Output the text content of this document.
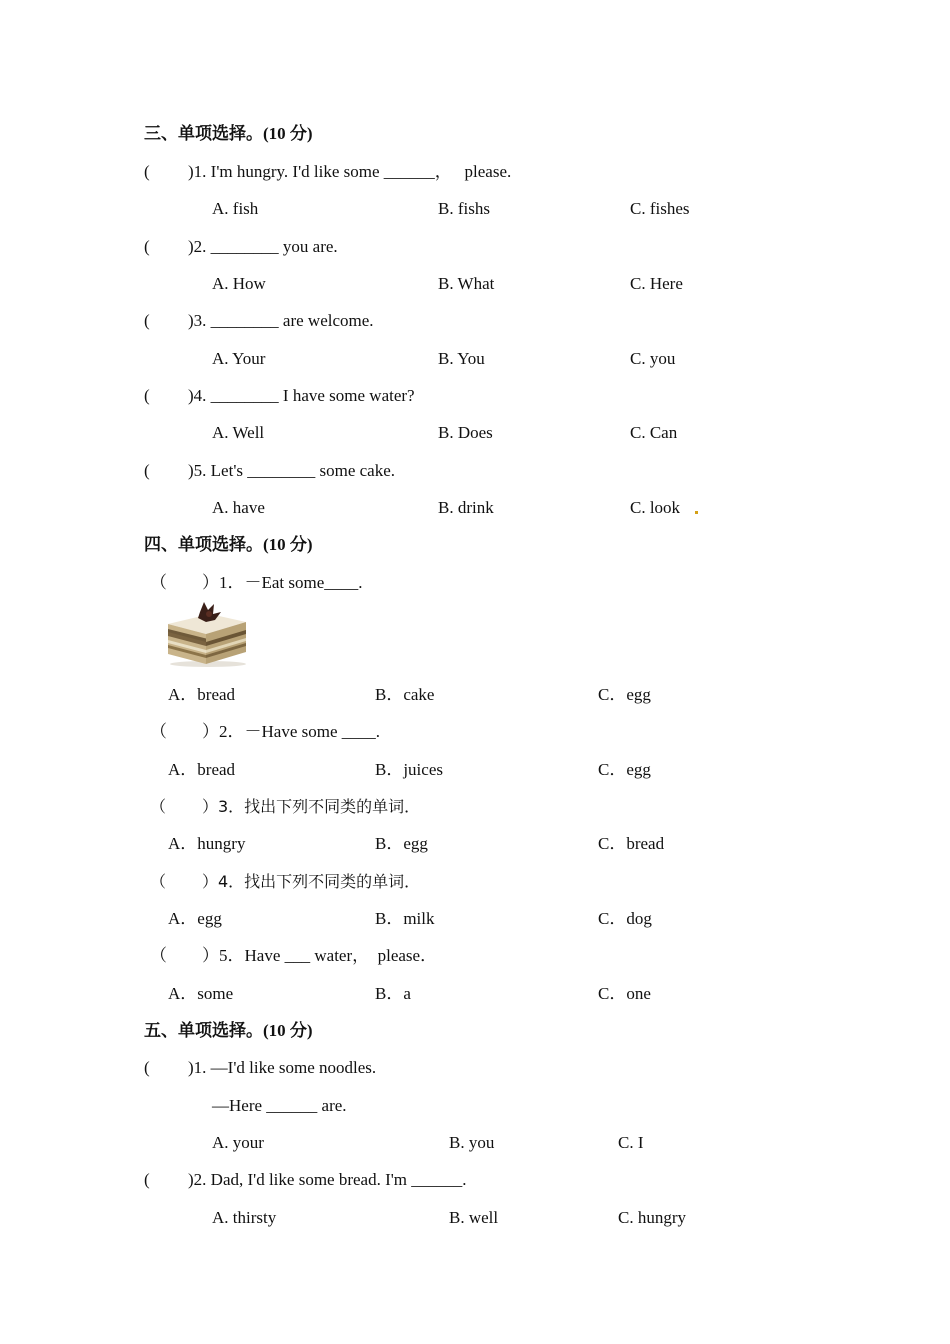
三、单项选择。(10 分)
( )1. I'm hungry. I'd like some ______，   please.
A. fish	B. fishs	C. fishes
( )2. ________ you are.
A. How	B. What	C. Here
( )3. ________ are welcome.
A. Your	B. You	C. you
( )4. ________ I have some water?
A. Well	B. Does	C. Can
( )5. Let's ________ some cake.
A. have	B. drink	C. look
四、单项选择。(10 分)
（ ）1．－Eat some____.
A．bread	B．cake	C．egg
（ ）2．－Have some ____.
A．bread	B．juices	C．egg
（ ）3．找出下列不同类的单词．
A．hungry	B．egg	C．bread
（ ）4．找出下列不同类的单词．
A．egg	B．milk	C．dog
（ ）5．Have ___ water，  please．
A．some	B．a	C．one
五、单项选择。(10 分)
( )1. —I'd like some noodles.
—Here ______ are.
A. your	B. you	C. I
( )2. Dad, I'd like some bread. I'm ______.
A. thirsty	B. well	C. hungry
